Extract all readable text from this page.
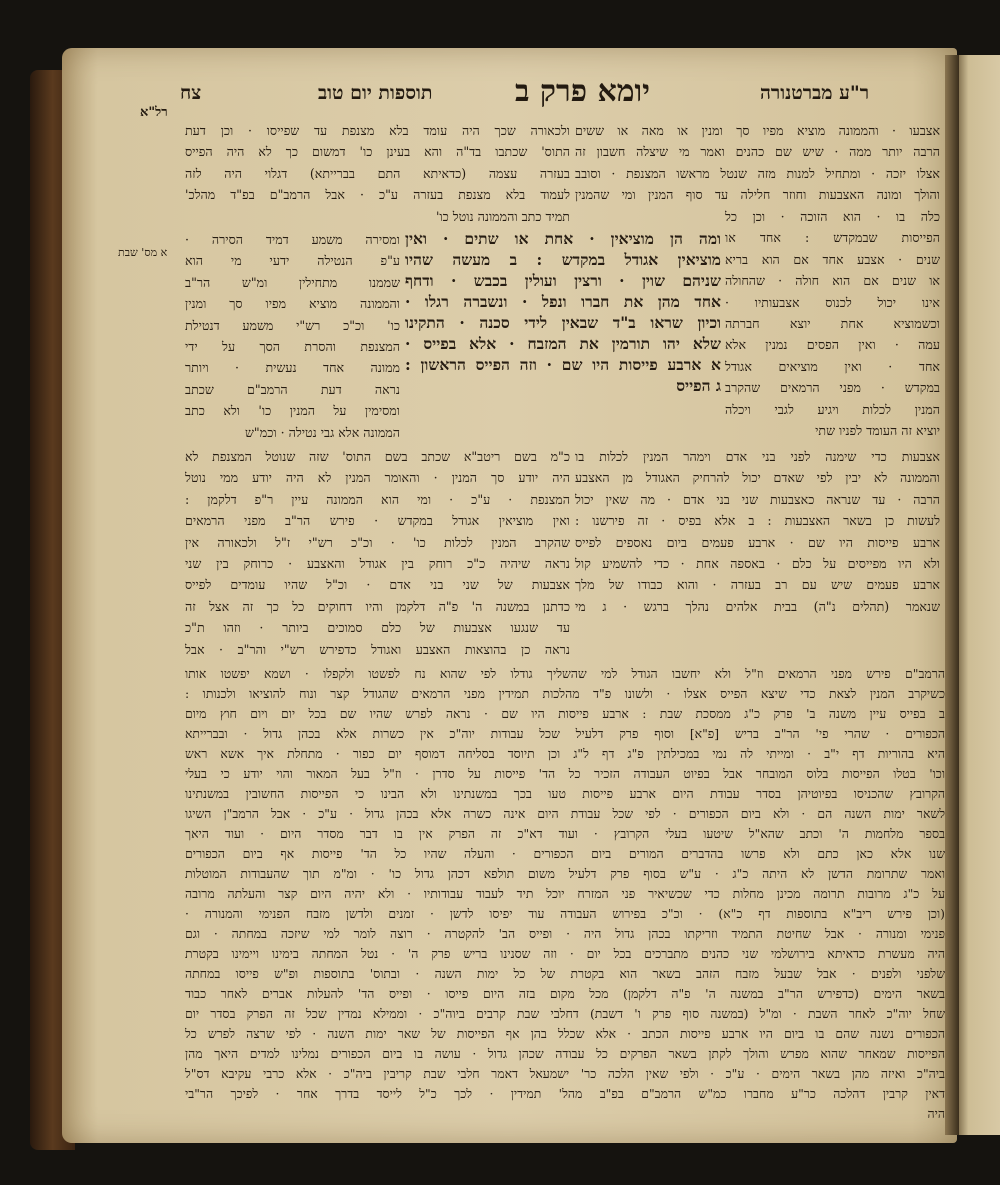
ר"ע מברטנורה
יומא פרק ב
תוספות יום טוב
צח
רל"א
א מס' שבת
אצבעו · והממונה מוציא מפיו סך ומנין או מאה או ששים
הרבה יותר ממה · שיש שם כהנים ואמר מי שיצלה חשבון זה
אצלו יזכה · ומתחיל למנות מזה שנטל מראשו המצנפת · וסובב
והולך ומונה האצבעות וחוזר חלילה עד סוף המנין ומי שהמנין
כלה בו · הוא הזוכה · וכן כל
הפייסות שבמקדש : אחד או
שנים · אצבע אחד אם הוא בריא
או שנים אם הוא חולה · שהחולה
אינו יכול לכנוס אצבעותיו ·
וכשמוציא אחת יוצא חברתה
עמה · ואין הפסים נמנין אלא
אחד · ואין מוציאים אגודל
במקדש · מפני הרמאים שהקרב
המנין לכלות ויגיע לגבי ויכלה
יוציא זה העומד לפניו שתי
אצבעות כדי שימנה לפני בני אדם וימהר המנין לכלות בו
והממונה לא יבין לפי שאדם יכול להרחיק האגודל מן האצבע
הרבה · עד שנראה כאצבעות שני בני אדם · מה שאין יכול
לעשות כן בשאר האצבעות : ב אלא בפיס · זה פירשנו :
ארבע פייסות היו שם · ארבע פעמים ביום נאספים לפייס
ולא היו מפייסים על כלם · באספה אחת · כדי להשמיע קול
ארבע פעמים שיש עם רב בעזרה · והוא כבודו של מלך
שנאמר (תהלים נ"ה) בבית אלהים נהלך ברגש · ג מי
ומה הן מוציאין · אחת או שתים · ואין
מוציאין אגודל במקדש : ב מעשה שהיו
שניהם שוין · ורצין ועולין בכבש · ודחף
אחד מהן את חברו ונפל · ונשברה רגלו ·
וכיון שראו ב"ד שבאין לידי סכנה · התקינו
שלא יהו תורמין את המזבח · אלא בפייס ·
א ארבע פייסות היו שם · וזה הפייס הראשון :
ג הפייס
ולכאורה שכך היה עומד בלא מצנפת עד שפייסו · וכן דעת
התוס' שכתבו בד"ה והא בעינן כו' דמשום כך לא היה הפייס
בעזרה עצמה (כדאיתא התם בברייתא) דגלוי היה לזה
לעמוד בלא מצנפת בעזרה ע"כ · אבל הרמב"ם בפ"ד מהלכ'
תמיד כתב והממונה נוטל כו'
ומסירה משמע דמיד הסירה ·
ע"פ הנטילה ידעי מי הוא
שממנו מתחילין ומ"ש הר"ב
והממונה מוציא מפיו סך ומנין
כו' וכ"כ רש"י משמע דנטילת
המצנפת והסרת הסך על ידי
ממונה אחד נעשית · ויותר
נראה דעת הרמב"ם שכתב
ומסימין על המנין כו' ולא כתב
הממונה אלא גבי נטילה · וכמ"ש
כ"מ בשם ריטב"א שכתב בשם התוס' שזה שנוטל המצנפת לא
היה יודע סך המנין · והאומר המנין לא היה יודע ממי נוטל
המצנפת · ע"כ · ומי הוא הממונה עיין ר"פ דלקמן :
ואין מוציאין אגודל במקדש · פירש הר"ב מפני הרמאים
שהקרב המנין לכלות כו' · וכ"כ רש"י ז"ל ולכאורה אין
נראה שיהיה כ"כ רוחק בין אגודל והאצבע · כרוחק בין שני
אצבעות של שני בני אדם · וכ"ל שהיו עומדים לפייס
כדתנן במשנה ה' פ"ה דלקמן והיו דחוקים כל כך זה אצל זה
עד שנגעו אצבעות של כלם סמוכים ביותר · וזהו ת"כ
נראה כן בהוצאות האצבע ואגודל כדפירש רש"י והר"ב · אבל
הרמב"ם פירש מפני הרמאים וז"ל ולא יחשבו הגודל למי שהשליך גודלו לפי שהוא נח לפשטו ולקפלו · ושמא יפשטו אותו
כשיקרב המנין לצאת כדי שיצא הפייס אצלו · ולשונו פ"ד מהלכות תמידין מפני הרמאים שהגודל קצר ונוח להוציאו ולכנותו :
ב בפייס עיין משנה ב' פרק כ"ג ממסכת שבת : ארבע פייסות היו שם · נראה לפרש שהיו שם בכל יום ויום חוץ מיום
הכפורים · שהרי פי' הר"ב בריש [פ"א] וסוף פרק דלעיל שכל עבודות יוה"כ אין כשרות אלא בכהן גדול · ובברייתא
היא בהוריות דף י"ב · ומייתי לה נמי במכילתין פ"ג דף ל"ג וכן תיוסד בסליחה דמוסף יום כפור · מתחלת איך אשא ראש
וכו' בטלו הפייסות בלוס המובחר אבל בפיוט העבודה הזכיר כל הד' פייסות על סדרן · וז"ל בעל המאור והוי יודע כי בעלי
הקרובץ שהכניסו בפיוטיהן בסדר עבודת היום ארבע פייסות טעו בכך במשנתינו ולא הבינו כי הפייסות החשובין במשנתינו
לשאר ימות השנה הם · ולא ביום הכפורים · לפי שכל עבודת היום אינה כשרה אלא בכהן גדול · ע"כ · אבל הרמב"ן השיגו
בספר מלחמות ה' וכתב שהא"ל שיטעו בעלי הקרובץ · ועוד דא"כ זה הפרק אין בו דבר מסדר היום · ועוד היאך
שנו אלא כאן כתם ולא פרשו בהדברים המורים ביום הכפורים · והעלה שהיו כל הד' פייסות אף ביום הכפורים
ואמר שתרומת הדשן לא היתה כ"ג · ע"ש בסוף פרק דלעיל משום תולפא דכהן גדול כו' · ומ"מ תוך שהעבודות המוטלות
על כ"ג מרובות תרומה מכינן מחלות כדי שכשיאיר פני המזרח יוכל תיד לעבוד עבודותיו · ולא יהיה היום קצר והעלתה מרובה
(וכן פירש ריב"א בתוספות דף כ"א) · וכ"כ בפירוש העבודה עוד יפיסו לדשן · זמנים ולדשן מזבח הפנימי והמנורה ·
פנימי ומנורה · אבל שחיטת התמיד וזריקתו בכהן גדול היה · ופייס הב' להקטרה · רוצה לומר למי שיזכה במחתה · וגם
היה מעשרת כדאיתא בירושלמי שני כהנים מתברכים בכל יום · וזה שסנינו בריש פרק ה' · נטל המחתה בימינו ויימינו בקטרת
שלפני ולפנים · אבל שבעל מזבח הזהב בשאר הוא בקטרת של כל ימות השנה · ובתוס' בתוספות ופ"ש פייסו במחתה
בשאר הימים (כדפירש הר"ב במשנה ה' פ"ה דלקמן) מכל מקום בזה היום פייסו · ופייס הד' להעלות אברים לאחר כבוד
שחל יוה"כ לאחר השבת · ומ"ל (במשנה סוף פרק ו' דשבת) דחלבי שבת קרבים ביוה"כ · וממילא נמדין שכל זה הפרק בסדר יום
הכפורים נשנה שהם בו ביום היו ארבע פייסות הכתב · אלא שכלל בהן אף הפייסות של שאר ימות השנה · לפי שרצה לפרש כל
הפייסות שמאחר שהוא מפרש והולך לקתן בשאר הפרקים כל עבודה שכהן גדול · עושה בו ביום הכפורים נמלינו למדים היאך מהן
ביה"כ ואיזה מהן בשאר הימים · ע"כ · ולפי שאין הלכה כר' ישמעאל דאמר חלבי שבת קריבין ביה"כ · אלא כרבי עקיבא דס"ל
דאין קרבין דהלכה כר"ע מחברו כמ"ש הרמב"ם בפ"ב מהל' תמידין · לכך כ"ל לייסד בדרך אחר · לפיכך הר"בי
היה
